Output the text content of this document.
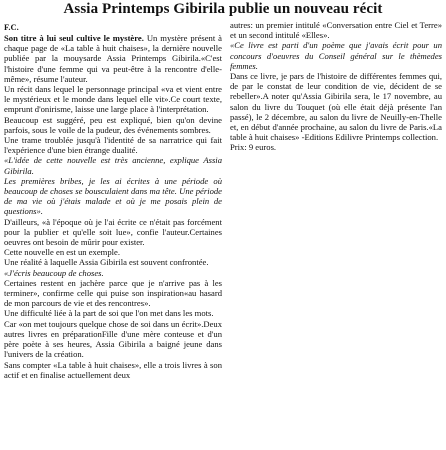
Assia Printemps Gibirila publie un nouveau récit
F.C.

Son titre à lui seul cultive le mystère. Un mystère présent à chaque page de «La table à huit chaises», la dernière nouvelle publiée par la mouysarde Assia Printemps Gibirila.«C'est l'histoire d'une femme qui va peut-être à la rencontre d'elle-même», résume l'auteur.

Un récit dans lequel le personnage principal «va et vient entre le mystérieux et le monde dans lequel elle vit».Ce court texte, emprunt d'onirisme, laisse une large place à l'interprétation.

Beaucoup est suggéré, peu est expliqué, bien qu'on devine parfois, sous le voile de la pudeur, des événements sombres.

Une trame troublée jusqu'à l'identité de sa narratrice qui fait l'expérience d'une bien étrange dualité.

«L'idée de cette nouvelle est très ancienne, explique Assia Gibirila.

Les premières bribes, je les ai écrites à une période où beaucoup de choses se bousculaient dans ma tête. Une période de ma vie où j'étais malade et où je me posais plein de questions».

D'ailleurs, «à l'époque où je l'ai écrite ce n'était pas forcément pour la publier et qu'elle soit lue», confie l'auteur.Certaines oeuvres ont besoin de mûrir pour exister.

Cette nouvelle en est un exemple.

Une réalité à laquelle Assia Gibirila est souvent confrontée.

«J'écris beaucoup de choses.

Certaines restent en jachère parce que je n'arrive pas à les terminer», confirme celle qui puise son inspiration«au hasard de mon parcours de vie et des rencontres».

Une difficulté liée à la part de soi que l'on met dans les mots.

Car «on met toujours quelque chose de soi dans un écrit».Deux autres livres en préparationFille d'une mère conteuse et d'un père poète à ses heures, Assia Gibirila a baigné jeune dans l'univers de la création.

Sans compter «La table à huit chaises», elle a trois livres à son actif et en finalise actuellement deux

autres: un premier intitulé «Conversation entre Ciel et Terre» et un second intitulé «Elles».

«Ce livre est parti d'un poème que j'avais écrit pour un concours d'oeuvres du Conseil général sur le thèmedes femmes.

Dans ce livre, je pars de l'histoire de différentes femmes qui, de par le constat de leur condition de vie, décident de se rebeller».A noter qu'Assia Gibirila sera, le 17 novembre, au salon du livre du Touquet (où elle était déjà présente l'an passé), le 2 décembre, au salon du livre de Neuilly-en-Thelle et, en début d'année prochaine, au salon du livre de Paris.«La table à huit chaises» -Editions Edilivre Printemps collection.

Prix: 9 euros.
